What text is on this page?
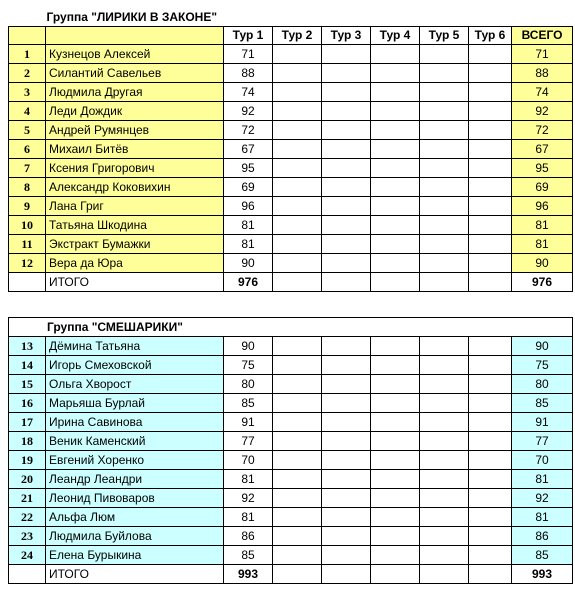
Группа "ЛИРИКИ В ЗАКОНЕ"								
		Тур 1	Тур 2	Тур 3	Тур 4	Тур 5	Тур 6	ВСЕГО
1	Кузнецов Алексей	71						71
2	Силантий Савельев	88						88
3	Людмила Другая	74						74
4	Леди Дождик	92						92
5	Андрей Румянцев	72						72
6	Михаил Битёв	67						67
7	Ксения Григорович	95						95
8	Александр Коковихин	69						69
9	Лана Григ	96						96
10	Татьяна Шкодина	81						81
11	Экстракт Бумажки	81						81
12	Вера да Юра	90						90
	ИТОГО	976						976
Группа "СМЕШАРИКИ"								
13	Дёмина Татьяна	90						90
14	Игорь Смеховской	75						75
15	Ольга Хворост	80						80
16	Марьяша Бурлай	85						85
17	Ирина Савинова	91						91
18	Веник Каменский	77						77
19	Евгений Хоренко	70						70
20	Леандр Леандри	81						81
21	Леонид Пивоваров	92						92
22	Альфа Люм	81						81
23	Людмила Буйлова	86						86
24	Елена Бурыкина	85						85
	ИТОГО	993						993
